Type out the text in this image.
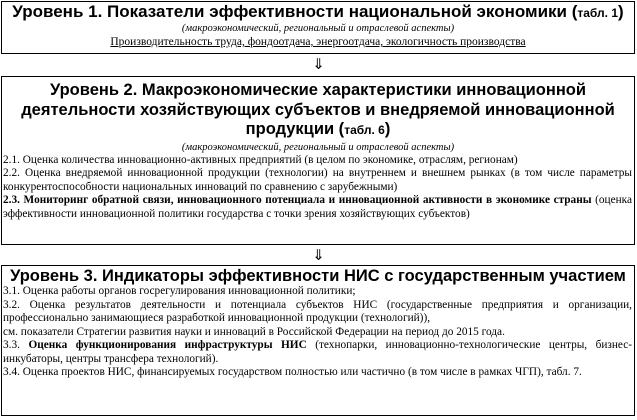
Уровень 1. Показатели эффективности национальной экономики (табл. 1)
(макроэкономический, региональный и отраслевой аспекты)
Производительность труда, фондоотдача, энергоотдача, экологичность производства
⇓
Уровень 2. Макроэкономические характеристики инновационной деятельности хозяйствующих субъектов и внедряемой инновационной продукции (табл. 6)
(макроэкономический, региональный и отраслевой аспекты)
2.1. Оценка количества инновационно-активных предприятий (в целом по экономике, отраслям, регионам)
2.2. Оценка внедряемой инновационной продукции (технологии) на внутреннем и внешнем рынках (в том числе параметры конкурентоспособности национальных инноваций по сравнению с зарубежными)
2.3. Мониторинг обратной связи, инновационного потенциала и инновационной активности в экономике страны (оценка эффективности инновационной политики государства с точки зрения хозяйствующих субъектов)
⇓
Уровень 3. Индикаторы эффективности НИС с государственным участием
3.1. Оценка работы органов госрегулирования инновационной политики;
3.2. Оценка результатов деятельности и потенциала субъектов НИС (государственные предприятия и организации, профессионально занимающиеся разработкой инновационной продукции (технологий)),
см. показатели Стратегии развития науки и инноваций в Российской Федерации на период до 2015 года.
3.3. Оценка функционирования инфраструктуры НИС (технопарки, инновационно-технологические центры, бизнес-инкубаторы, центры трансфера технологий).
3.4. Оценка проектов НИС, финансируемых государством полностью или частично (в том числе в рамках ЧГП), табл. 7.
